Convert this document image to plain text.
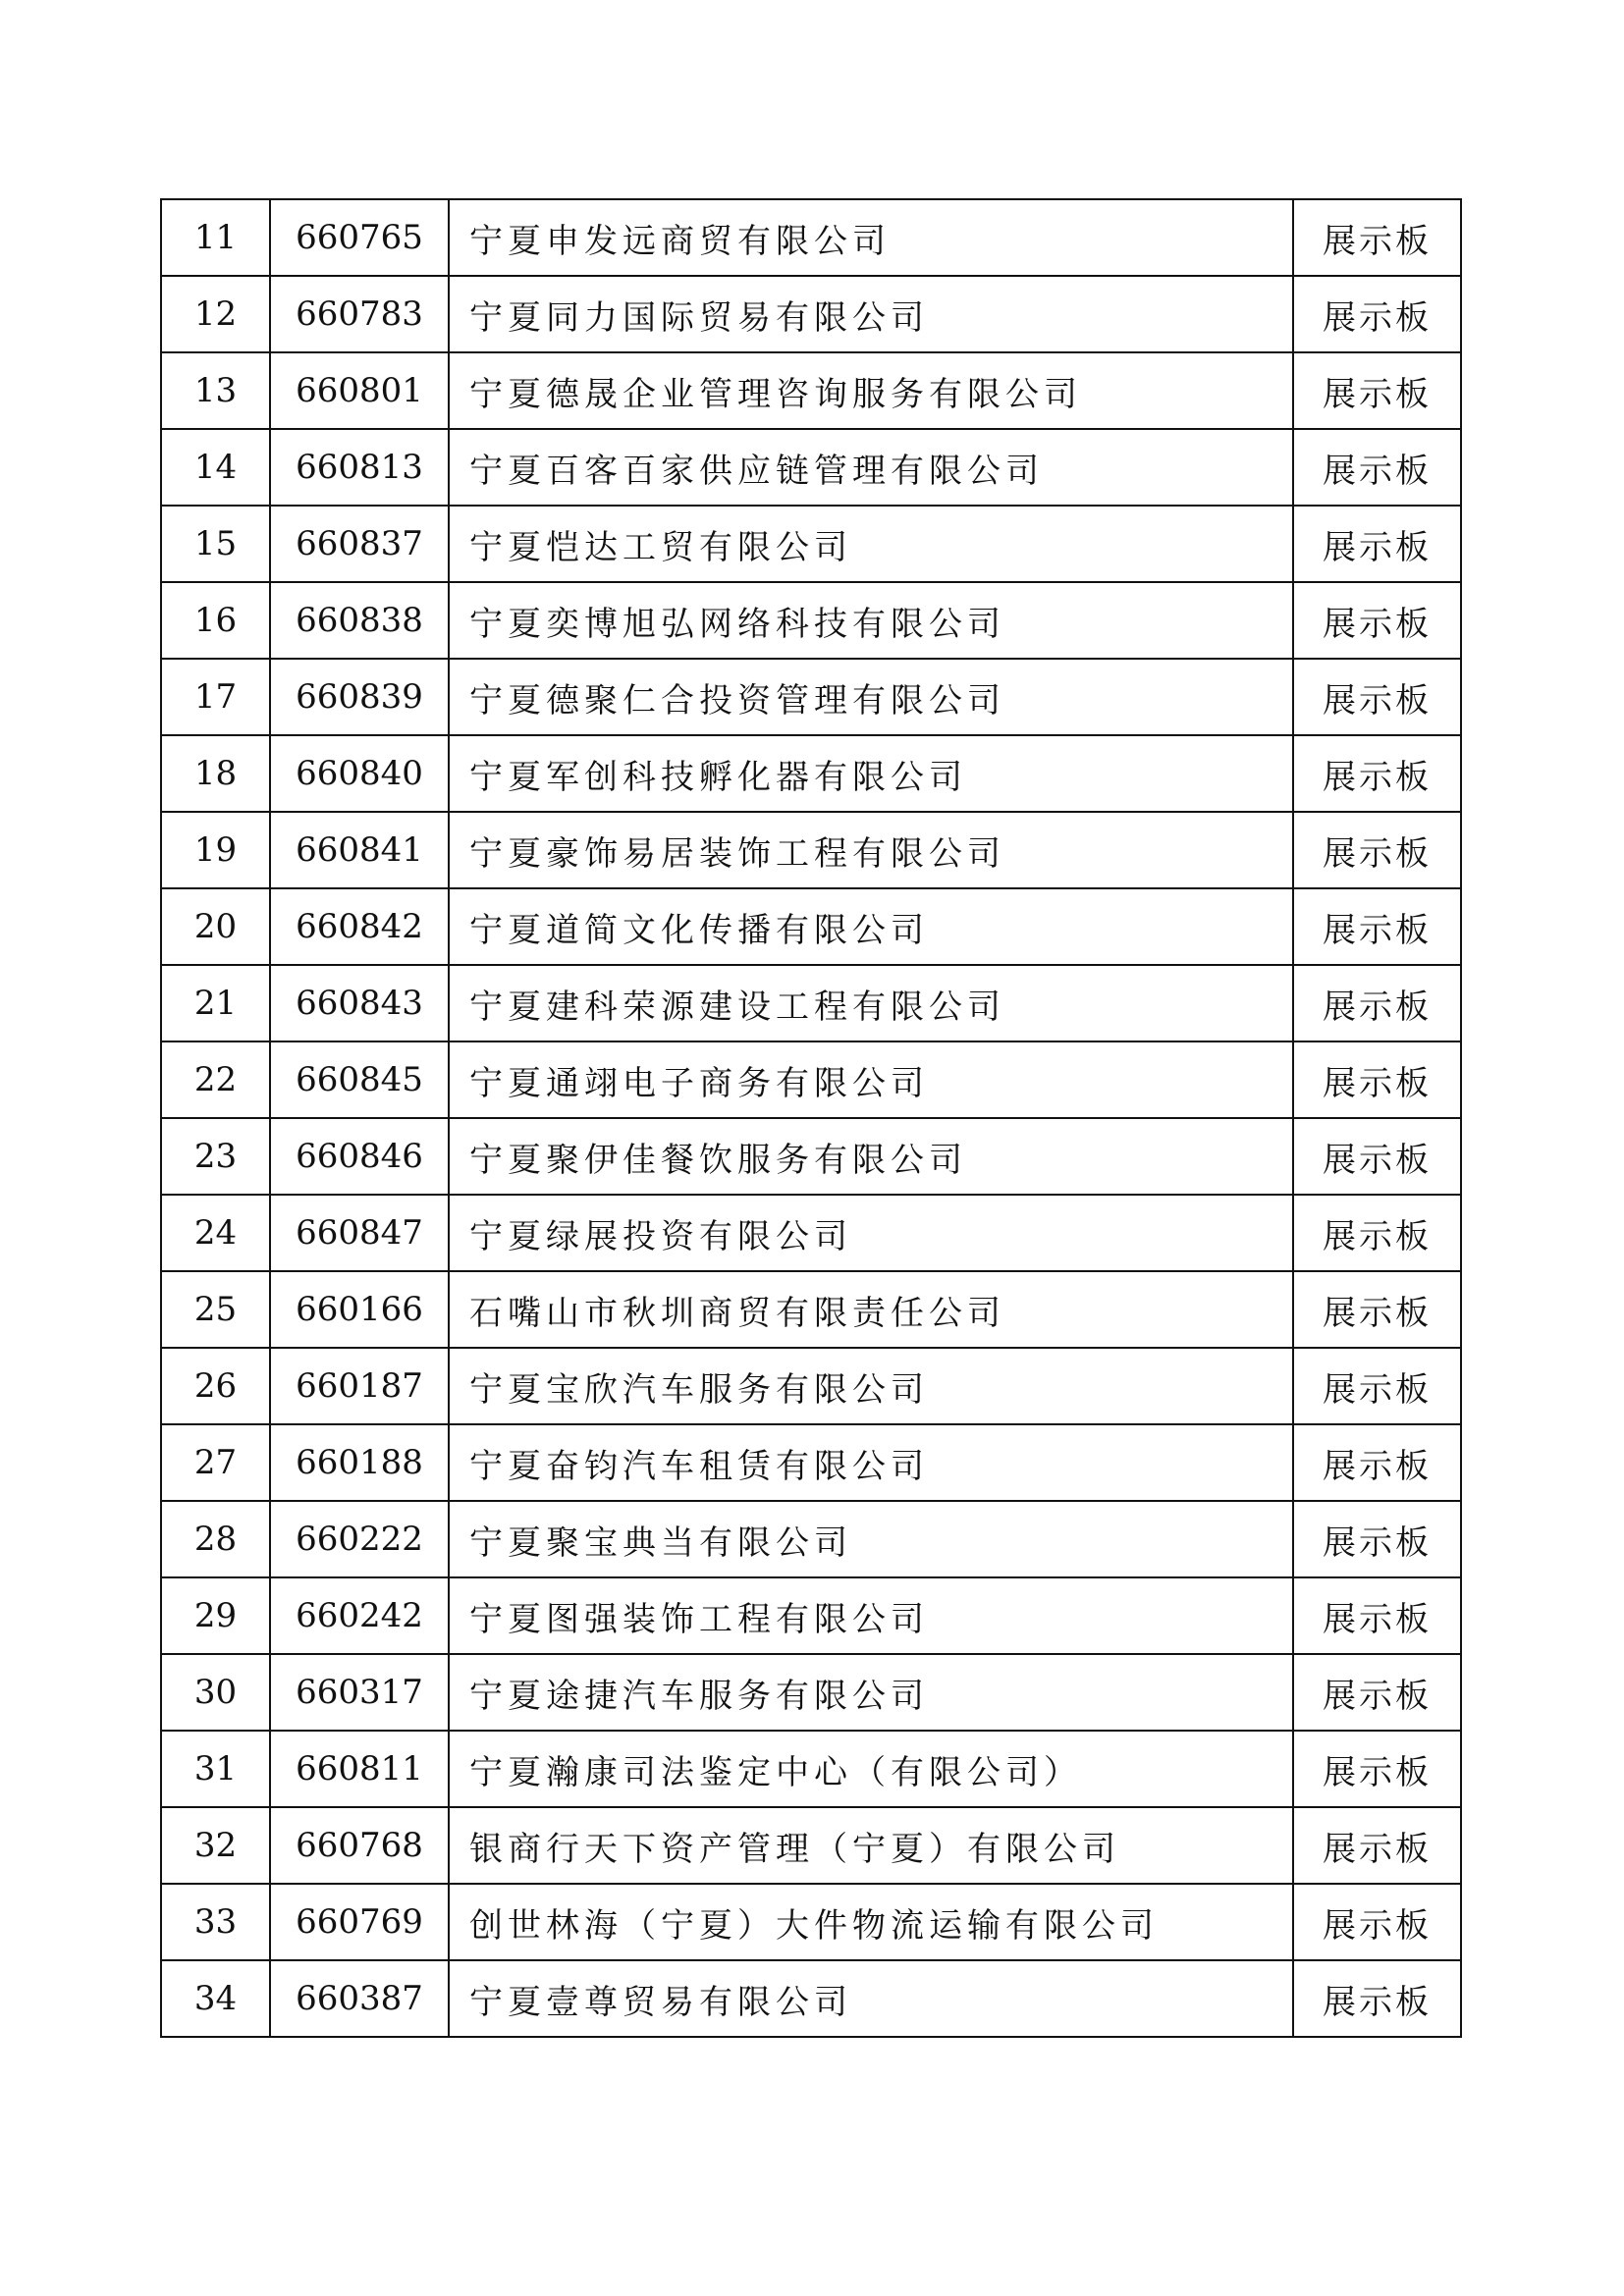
11	660765	宁夏申发远商贸有限公司	展示板
12	660783	宁夏同力国际贸易有限公司	展示板
13	660801	宁夏德晟企业管理咨询服务有限公司	展示板
14	660813	宁夏百客百家供应链管理有限公司	展示板
15	660837	宁夏恺达工贸有限公司	展示板
16	660838	宁夏奕博旭弘网络科技有限公司	展示板
17	660839	宁夏德聚仁合投资管理有限公司	展示板
18	660840	宁夏军创科技孵化器有限公司	展示板
19	660841	宁夏豪饰易居装饰工程有限公司	展示板
20	660842	宁夏道简文化传播有限公司	展示板
21	660843	宁夏建科荣源建设工程有限公司	展示板
22	660845	宁夏通翊电子商务有限公司	展示板
23	660846	宁夏聚伊佳餐饮服务有限公司	展示板
24	660847	宁夏绿展投资有限公司	展示板
25	660166	石嘴山市秋圳商贸有限责任公司	展示板
26	660187	宁夏宝欣汽车服务有限公司	展示板
27	660188	宁夏奋钧汽车租赁有限公司	展示板
28	660222	宁夏聚宝典当有限公司	展示板
29	660242	宁夏图强装饰工程有限公司	展示板
30	660317	宁夏途捷汽车服务有限公司	展示板
31	660811	宁夏瀚康司法鉴定中心（有限公司）	展示板
32	660768	银商行天下资产管理（宁夏）有限公司	展示板
33	660769	创世林海（宁夏）大件物流运输有限公司	展示板
34	660387	宁夏壹尊贸易有限公司	展示板
